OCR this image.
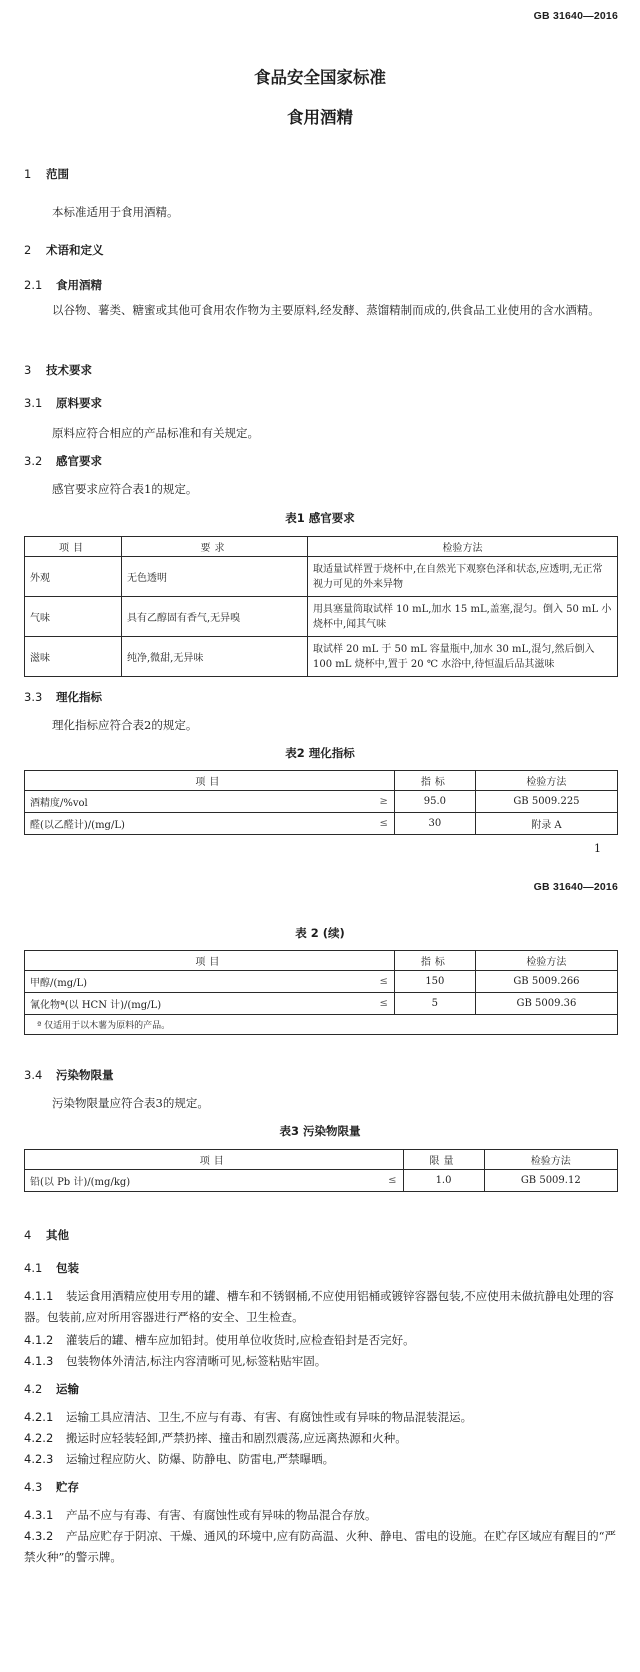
GB 31640—2016
食品安全国家标准
食用酒精
1 范围
本标准适用于食用酒精。
2 术语和定义
2.1 食用酒精
以谷物、薯类、糖蜜或其他可食用农作物为主要原料,经发酵、蒸馏精制而成的,供食品工业使用的含水酒精。
3 技术要求
3.1 原料要求
原料应符合相应的产品标准和有关规定。
3.2 感官要求
感官要求应符合表1的规定。
表1 感官要求
项目	要求	检验方法
外观	无色透明	取适量试样置于烧杯中,在自然光下观察色泽和状态,应透明,无正常视力可见的外来异物
气味	具有乙醇固有香气,无异嗅	用具塞量筒取试样 10 mL,加水 15 mL,盖塞,混匀。倒入 50 mL 小烧杯中,闻其气味
滋味	纯净,微甜,无异味	取试样 20 mL 于 50 mL 容量瓶中,加水 30 mL,混匀,然后倒入 100 mL 烧杯中,置于 20 ℃ 水浴中,待恒温后品其滋味
3.3 理化指标
理化指标应符合表2的规定。
表2 理化指标
项目		指标	检验方法
酒精度/%vol	≥	95.0	GB 5009.225
醛(以乙醛计)/(mg/L)	≤	30	附录 A
1
GB 31640—2016
表 2 (续)
项目		指标	检验方法
甲醇/(mg/L)	≤	150	GB 5009.266
氰化物ª(以 HCN 计)/(mg/L)	≤	5	GB 5009.36
ª 仅适用于以木薯为原料的产品。			
3.4 污染物限量
污染物限量应符合表3的规定。
表3 污染物限量
项目		限量	检验方法
铅(以 Pb 计)/(mg/kg)	≤	1.0	GB 5009.12
4 其他
4.1 包装
4.1.1 装运食用酒精应使用专用的罐、槽车和不锈钢桶,不应使用铝桶或镀锌容器包装,不应使用未做抗静电处理的容器。包装前,应对所用容器进行严格的安全、卫生检查。
4.1.2 灌装后的罐、槽车应加铅封。使用单位收货时,应检查铅封是否完好。
4.1.3 包装物体外清洁,标注内容清晰可见,标签粘贴牢固。
4.2 运输
4.2.1 运输工具应清洁、卫生,不应与有毒、有害、有腐蚀性或有异味的物品混装混运。
4.2.2 搬运时应轻装轻卸,严禁扔摔、撞击和剧烈震荡,应远离热源和火种。
4.2.3 运输过程应防火、防爆、防静电、防雷电,严禁曝晒。
4.3 贮存
4.3.1 产品不应与有毒、有害、有腐蚀性或有异味的物品混合存放。
4.3.2 产品应贮存于阴凉、干燥、通风的环境中,应有防高温、火种、静电、雷电的设施。在贮存区域应有醒目的“严禁火种”的警示牌。
